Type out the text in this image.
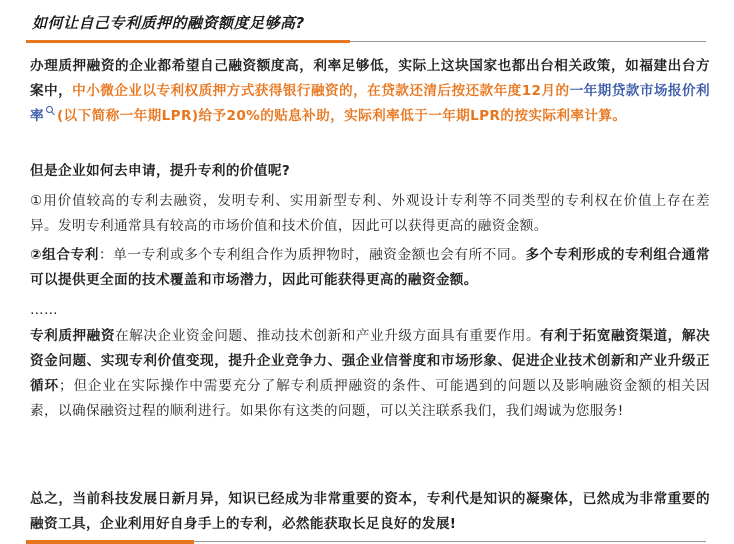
如何让自己专利质押的融资额度足够高?

办理质押融资的企业都希望自己融资额度高，利率足够低，实际上这块国家也都出台相关政策，如福建出台方案中，中小微企业以专利权质押方式获得银行融资的，在贷款还清后按还款年度12月的一年期贷款市场报价利率 (以下简称一年期LPR)给予20%的贴息补助，实际利率低于一年期LPR的按实际利率计算。

但是企业如何去申请，提升专利的价值呢?

①用价值较高的专利去融资，发明专利、实用新型专利、外观设计专利等不同类型的专利权在价值上存在差异。发明专利通常具有较高的市场价值和技术价值，因此可以获得更高的融资金额。

②组合专利：单一专利或多个专利组合作为质押物时，融资金额也会有所不同。多个专利形成的专利组合通常可以提供更全面的技术覆盖和市场潜力，因此可能获得更高的融资金额。

……

专利质押融资在解决企业资金问题、推动技术创新和产业升级方面具有重要作用。有利于拓宽融资渠道，解决资金问题、实现专利价值变现，提升企业竞争力、强企业信誉度和市场形象、促进企业技术创新和产业升级正循环；但企业在实际操作中需要充分了解专利质押融资的条件、可能遇到的问题以及影响融资金额的相关因素，以确保融资过程的顺利进行。如果你有这类的问题，可以关注联系我们，我们竭诚为您服务!

总之，当前科技发展日新月异，知识已经成为非常重要的资本，专利代是知识的凝聚体，已然成为非常重要的融资工具，企业利用好自身手上的专利，必然能获取长足良好的发展!
